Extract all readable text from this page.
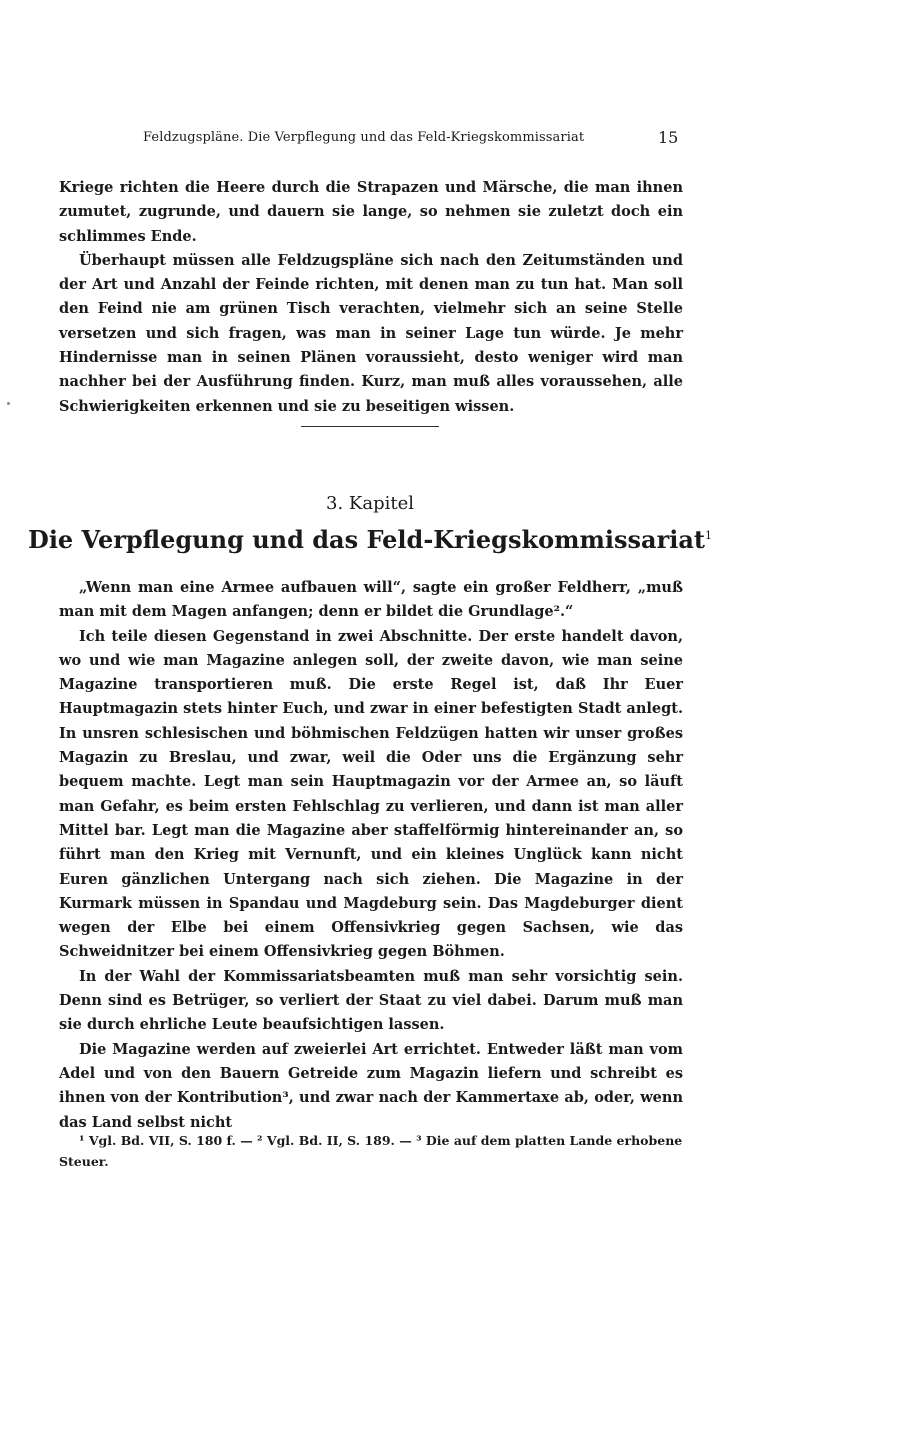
Feldzugspläne. Die Verpflegung und das Feld-Kriegskommissariat	15

Kriege richten die Heere durch die Strapazen und Märsche, die man ihnen zumutet, zugrunde, und dauern sie lange, so nehmen sie zuletzt doch ein schlimmes Ende.

Überhaupt müssen alle Feldzugspläne sich nach den Zeitumständen und der Art und Anzahl der Feinde richten, mit denen man zu tun hat. Man soll den Feind nie am grünen Tisch verachten, vielmehr sich an seine Stelle versetzen und sich fragen, was man in seiner Lage tun würde. Je mehr Hindernisse man in seinen Plänen voraussieht, desto weniger wird man nachher bei der Ausführung finden. Kurz, man muß alles voraussehen, alle Schwierigkeiten erkennen und sie zu beseitigen wissen.

3. Kapitel
Die Verpflegung und das Feld-Kriegskommissariat$^1$

„Wenn man eine Armee aufbauen will“, sagte ein großer Feldherr, „muß man mit dem Magen anfangen; denn er bildet die Grundlage².“

Ich teile diesen Gegenstand in zwei Abschnitte. Der erste handelt davon, wo und wie man Magazine anlegen soll, der zweite davon, wie man seine Magazine transportieren muß. Die erste Regel ist, daß Ihr Euer Hauptmagazin stets hinter Euch, und zwar in einer befestigten Stadt anlegt. In unsren schlesischen und böhmischen Feldzügen hatten wir unser großes Magazin zu Breslau, und zwar, weil die Oder uns die Ergänzung sehr bequem machte. Legt man sein Hauptmagazin vor der Armee an, so läuft man Gefahr, es beim ersten Fehlschlag zu verlieren, und dann ist man aller Mittel bar. Legt man die Magazine aber staffelförmig hintereinander an, so führt man den Krieg mit Vernunft, und ein kleines Unglück kann nicht Euren gänzlichen Untergang nach sich ziehen. Die Magazine in der Kurmark müssen in Spandau und Magdeburg sein. Das Magdeburger dient wegen der Elbe bei einem Offensivkrieg gegen Sachsen, wie das Schweidnitzer bei einem Offensivkrieg gegen Böhmen.

In der Wahl der Kommissariatsbeamten muß man sehr vorsichtig sein. Denn sind es Betrüger, so verliert der Staat zu viel dabei. Darum muß man sie durch ehrliche Leute beaufsichtigen lassen.

Die Magazine werden auf zweierlei Art errichtet. Entweder läßt man vom Adel und von den Bauern Getreide zum Magazin liefern und schreibt es ihnen von der Kontribution³, und zwar nach der Kammertaxe ab, oder, wenn das Land selbst nicht

¹ Vgl. Bd. VII, S. 180 f. — ² Vgl. Bd. II, S. 189. — ³ Die auf dem platten Lande erhobene Steuer.
